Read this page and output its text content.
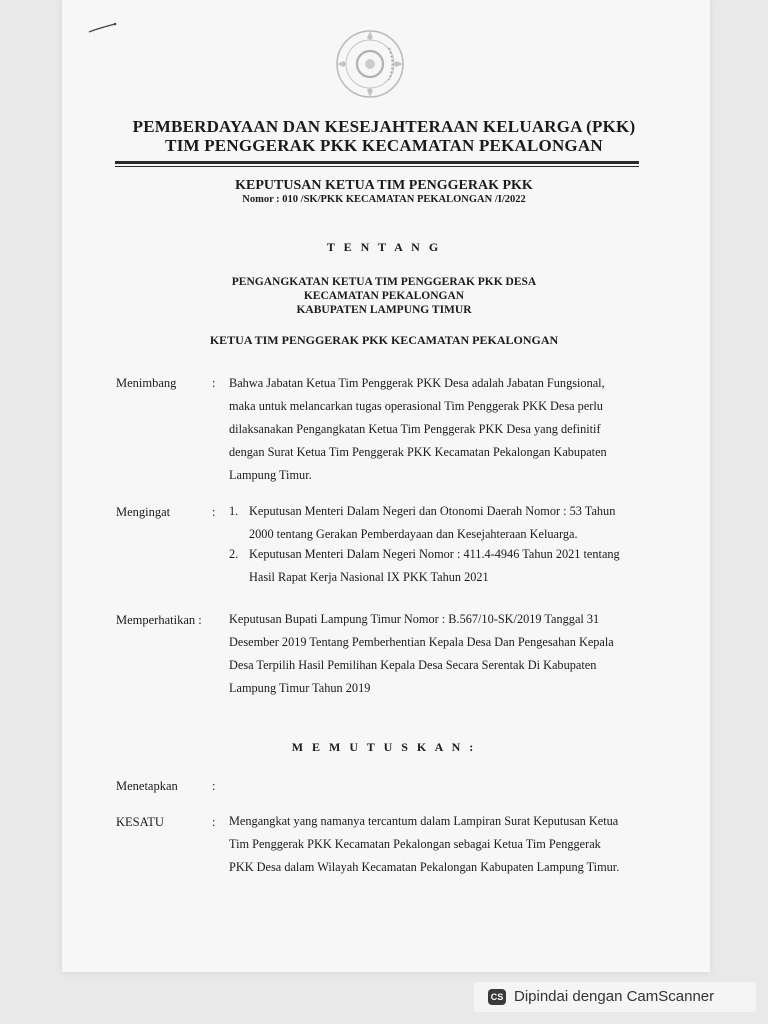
PEMBERDAYAAN DAN KESEJAHTERAAN KELUARGA (PKK)
TIM PENGGERAK PKK KECAMATAN PEKALONGAN
KEPUTUSAN KETUA TIM PENGGERAK PKK
Nomor : 010 /SK/PKK KECAMATAN PEKALONGAN /I/2022
T E N T A N G
PENGANGKATAN KETUA TIM PENGGERAK PKK DESA
KECAMATAN PEKALONGAN
KABUPATEN LAMPUNG TIMUR
KETUA TIM PENGGERAK PKK KECAMATAN PEKALONGAN
Menimbang	: Bahwa Jabatan Ketua Tim Penggerak PKK Desa adalah Jabatan Fungsional,
maka untuk melancarkan tugas operasional Tim Penggerak PKK Desa perlu
dilaksanakan Pengangkatan Ketua Tim Penggerak PKK Desa yang definitif
dengan Surat Ketua Tim Penggerak PKK Kecamatan Pekalongan Kabupaten
Lampung Timur.
Mengingat	: 1. Keputusan Menteri Dalam Negeri dan Otonomi Daerah Nomor : 53 Tahun
2000 tentang Gerakan Pemberdayaan dan Kesejahteraan Keluarga.
2. Keputusan Menteri Dalam Negeri Nomor : 411.4-4946 Tahun 2021 tentang
Hasil Rapat Kerja Nasional IX PKK Tahun 2021
Memperhatikan : Keputusan Bupati Lampung Timur Nomor : B.567/10-SK/2019 Tanggal 31
Desember 2019 Tentang Pemberhentian Kepala Desa Dan Pengesahan Kepala
Desa Terpilih Hasil Pemilihan Kepala Desa Secara Serentak Di Kabupaten
Lampung Timur Tahun 2019
M E M U T U S K A N :
Menetapkan	:
KESATU	: Mengangkat yang namanya tercantum dalam Lampiran Surat Keputusan Ketua
Tim Penggerak PKK Kecamatan Pekalongan sebagai Ketua Tim Penggerak
PKK Desa dalam Wilayah Kecamatan Pekalongan Kabupaten Lampung Timur.
CS Dipindai dengan CamScanner
